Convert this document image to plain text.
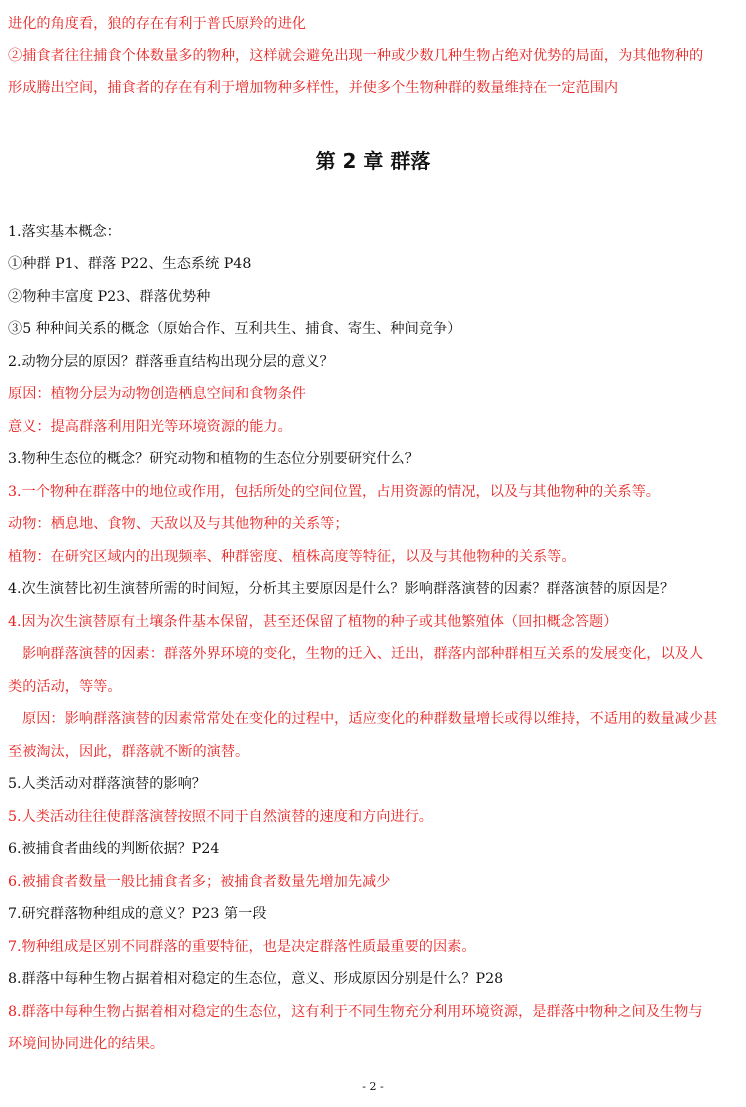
进化的角度看，狼的存在有利于普氏原羚的进化
②捕食者往往捕食个体数量多的物种，这样就会避免出现一种或少数几种生物占绝对优势的局面，为其他物种的
形成腾出空间，捕食者的存在有利于增加物种多样性，并使多个生物种群的数量维持在一定范围内
第 2 章 群落
1.落实基本概念：
①种群 P1、群落 P22、生态系统 P48
②物种丰富度 P23、群落优势种
③5 种种间关系的概念（原始合作、互利共生、捕食、寄生、种间竞争）
2.动物分层的原因？群落垂直结构出现分层的意义？
原因：植物分层为动物创造栖息空间和食物条件
意义：提高群落利用阳光等环境资源的能力。
3.物种生态位的概念？研究动物和植物的生态位分别要研究什么？
3.一个物种在群落中的地位或作用，包括所处的空间位置，占用资源的情况，以及与其他物种的关系等。
动物：栖息地、食物、天敌以及与其他物种的关系等；
植物：在研究区域内的出现频率、种群密度、植株高度等特征，以及与其他物种的关系等。
4.次生演替比初生演替所需的时间短，分析其主要原因是什么？影响群落演替的因素？群落演替的原因是？
4.因为次生演替原有土壤条件基本保留，甚至还保留了植物的种子或其他繁殖体（回扣概念答题）
影响群落演替的因素：群落外界环境的变化，生物的迁入、迁出，群落内部种群相互关系的发展变化，以及人
类的活动，等等。
原因：影响群落演替的因素常常处在变化的过程中，适应变化的种群数量增长或得以维持，不适用的数量减少甚
至被淘汰，因此，群落就不断的演替。
5.人类活动对群落演替的影响？
5.人类活动往往使群落演替按照不同于自然演替的速度和方向进行。
6.被捕食者曲线的判断依据？P24
6.被捕食者数量一般比捕食者多；被捕食者数量先增加先减少
7.研究群落物种组成的意义？P23 第一段
7.物种组成是区别不同群落的重要特征，也是决定群落性质最重要的因素。
8.群落中每种生物占据着相对稳定的生态位，意义、形成原因分别是什么？P28
8.群落中每种生物占据着相对稳定的生态位，这有利于不同生物充分利用环境资源，是群落中物种之间及生物与
环境间协同进化的结果。
- 2 -
